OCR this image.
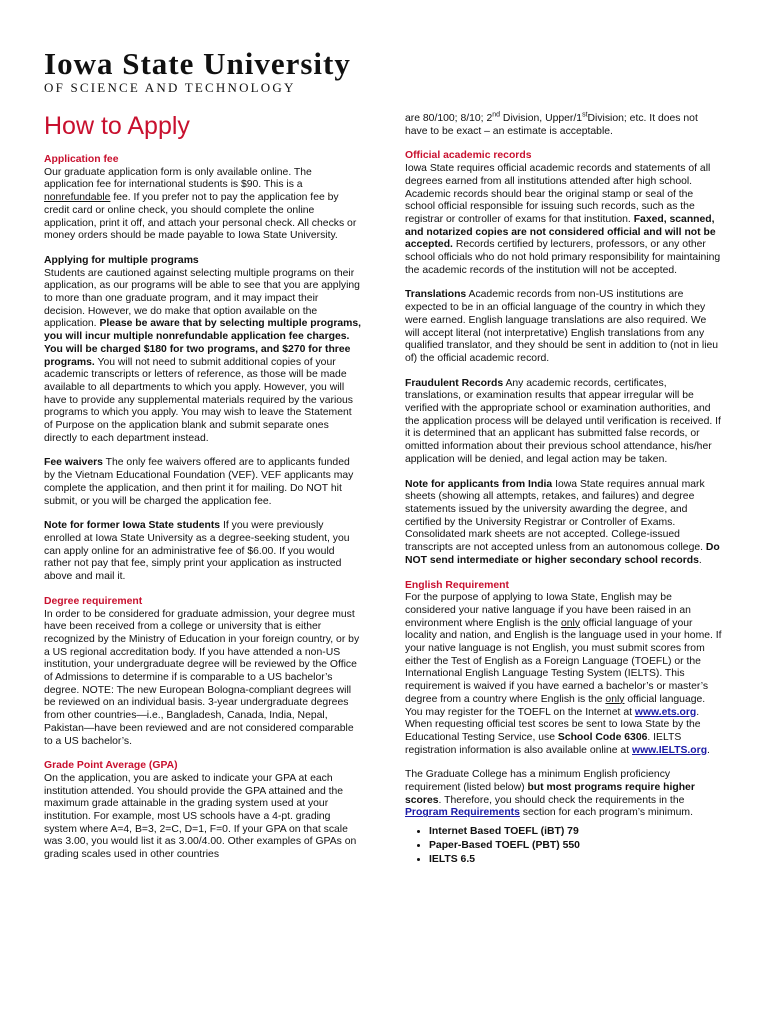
Iowa State University
OF SCIENCE AND TECHNOLOGY
How to Apply

Application fee
Our graduate application form is only available online. The application fee for international students is $90. This is a nonrefundable fee. If you prefer not to pay the application fee by credit card or online check, you should complete the online application, print it off, and attach your personal check. All checks or money orders should be made payable to Iowa State University.

Applying for multiple programs
Students are cautioned against selecting multiple programs on their application, as our programs will be able to see that you are applying to more than one graduate program, and it may impact their decision. However, we do make that option available on the application. Please be aware that by selecting multiple programs, you will incur multiple nonrefundable application fee charges. You will be charged $180 for two programs, and $270 for three programs. You will not need to submit additional copies of your academic transcripts or letters of reference, as those will be made available to all departments to which you apply. However, you will have to provide any supplemental materials required by the various programs to which you apply. You may wish to leave the Statement of Purpose on the application blank and submit separate ones directly to each department instead.

Fee waivers The only fee waivers offered are to applicants funded by the Vietnam Educational Foundation (VEF). VEF applicants may complete the application, and then print it for mailing. Do NOT hit submit, or you will be charged the application fee.

Note for former Iowa State students If you were previously enrolled at Iowa State University as a degree-seeking student, you can apply online for an administrative fee of $6.00. If you would rather not pay that fee, simply print your application as instructed above and mail it.

Degree requirement
In order to be considered for graduate admission, your degree must have been received from a college or university that is either recognized by the Ministry of Education in your foreign country, or by a US regional accreditation body. If you have attended a non-US institution, your undergraduate degree will be reviewed by the Office of Admissions to determine if is comparable to a US bachelor’s degree. NOTE: The new European Bologna-compliant degrees will be reviewed on an individual basis. 3-year undergraduate degrees from other countries—i.e., Bangladesh, Canada, India, Nepal, Pakistan—have been reviewed and are not considered comparable to a US bachelor’s.

Grade Point Average (GPA)
On the application, you are asked to indicate your GPA at each institution attended. You should provide the GPA attained and the maximum grade attainable in the grading system used at your institution. For example, most US schools have a 4-pt. grading system where A=4, B=3, 2=C, D=1, F=0. If your GPA on that scale was 3.00, you would list it as 3.00/4.00. Other examples of GPAs on grading scales used in other countries

are 80/100; 8/10; 2nd Division, Upper/1stDivision; etc. It does not have to be exact – an estimate is acceptable.

Official academic records
Iowa State requires official academic records and statements of all degrees earned from all institutions attended after high school. Academic records should bear the original stamp or seal of the school official responsible for issuing such records, such as the registrar or controller of exams for that institution. Faxed, scanned, and notarized copies are not considered official and will not be accepted. Records certified by lecturers, professors, or any other school officials who do not hold primary responsibility for maintaining the academic records of the institution will not be accepted.

Translations Academic records from non-US institutions are expected to be in an official language of the country in which they were earned. English language translations are also required. We will accept literal (not interpretative) English translations from any qualified translator, and they should be sent in addition to (not in lieu of) the official academic record.

Fraudulent Records Any academic records, certificates, translations, or examination results that appear irregular will be verified with the appropriate school or examination authorities, and the application process will be delayed until verification is received. If it is determined that an applicant has submitted false records, or omitted information about their previous school attendance, his/her application will be denied, and legal action may be taken.

Note for applicants from India Iowa State requires annual mark sheets (showing all attempts, retakes, and failures) and degree statements issued by the university awarding the degree, and certified by the University Registrar or Controller of Exams. Consolidated mark sheets are not accepted. College-issued transcripts are not accepted unless from an autonomous college. Do NOT send intermediate or higher secondary school records.

English Requirement
For the purpose of applying to Iowa State, English may be considered your native language if you have been raised in an environment where English is the only official language of your locality and nation, and English is the language used in your home. If your native language is not English, you must submit scores from either the Test of English as a Foreign Language (TOEFL) or the International English Language Testing System (IELTS). This requirement is waived if you have earned a bachelor’s or master’s degree from a country where English is the only official language. You may register for the TOEFL on the Internet at www.ets.org. When requesting official test scores be sent to Iowa State by the Educational Testing Service, use School Code 6306. IELTS registration information is also available online at www.IELTS.org.

The Graduate College has a minimum English proficiency requirement (listed below) but most programs require higher scores. Therefore, you should check the requirements in the Program Requirements section for each program’s minimum.

• Internet Based TOEFL (iBT) 79
• Paper-Based TOEFL (PBT) 550
• IELTS 6.5
